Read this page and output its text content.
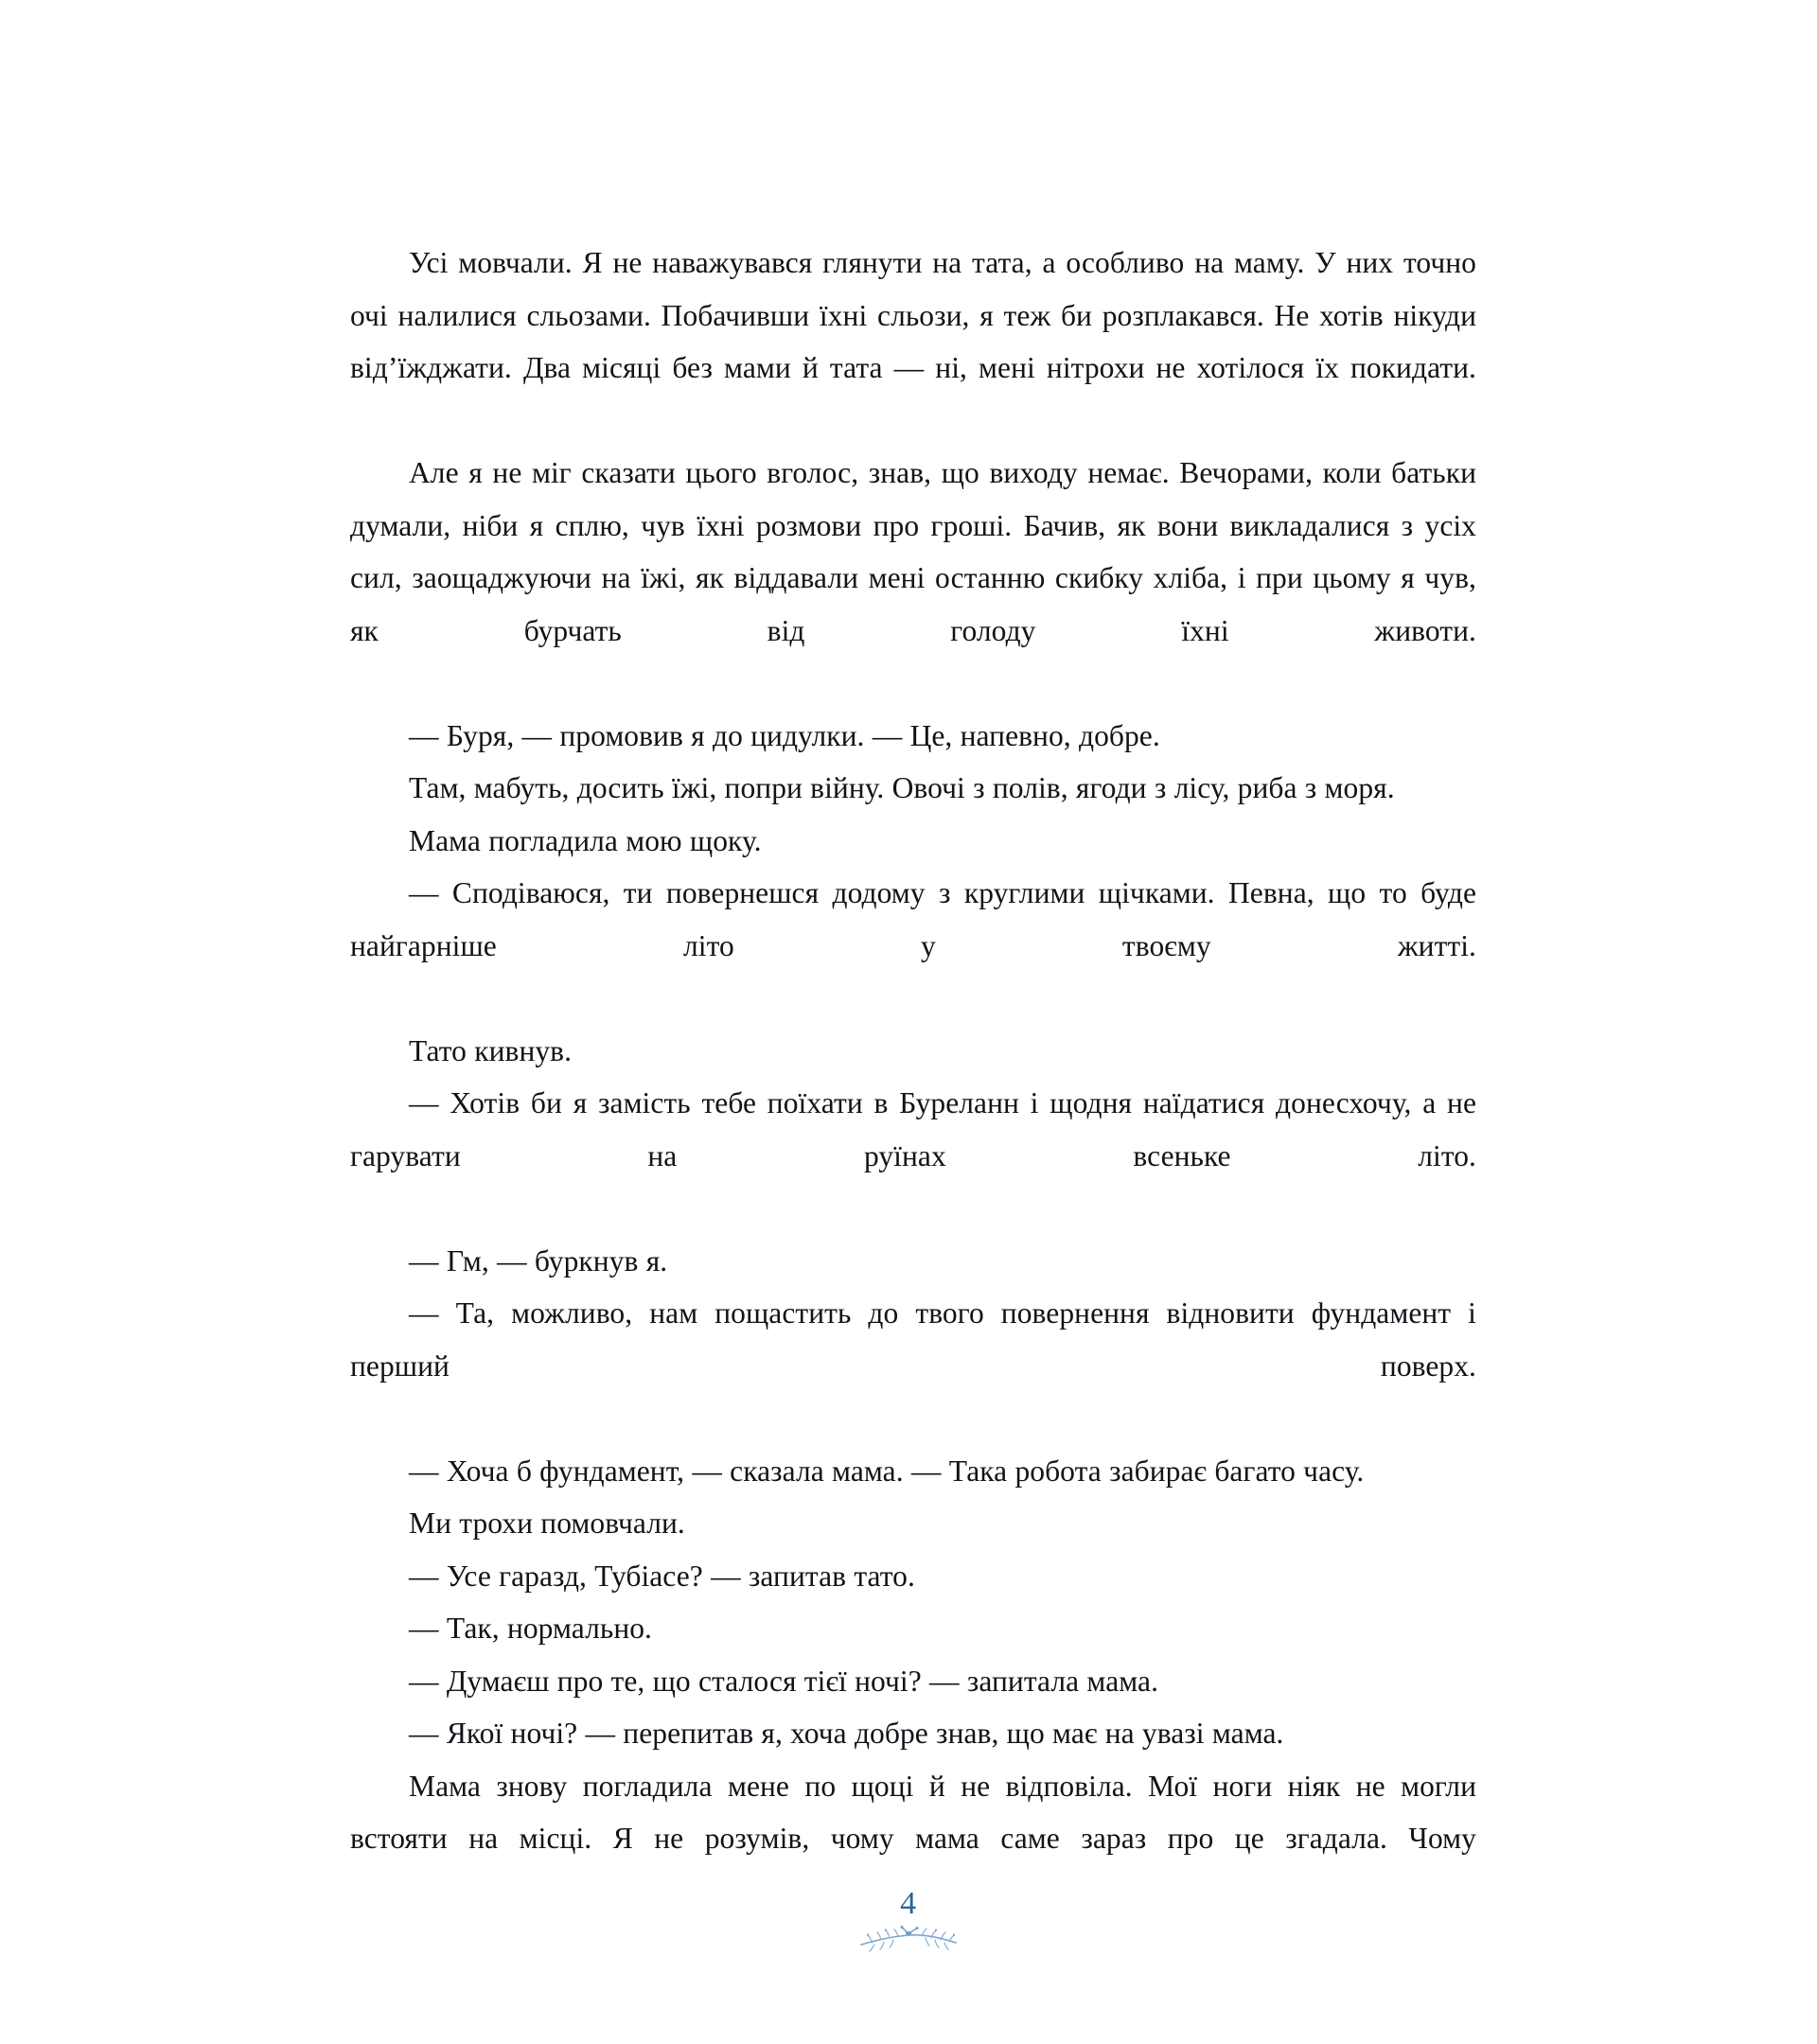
Усі мовчали. Я не наважувався глянути на тата, а особливо на маму. У них точно очі налилися сльозами. Побачивши їхні сльози, я теж би розплакався. Не хотів нікуди від’їжджати. Два місяці без мами й тата — ні, мені нітрохи не хотілося їх покидати.

Але я не міг сказати цього вголос, знав, що виходу немає. Вечорами, коли батьки думали, ніби я сплю, чув їхні розмови про гроші. Бачив, як вони викладалися з усіх сил, заощаджуючи на їжі, як віддавали мені останню скибку хліба, і при цьому я чув, як бурчать від голоду їхні животи.

— Буря, — промовив я до цидулки. — Це, напевно, добре.

Там, мабуть, досить їжі, попри війну. Овочі з полів, ягоди з лісу, риба з моря.

Мама погладила мою щоку.

— Сподіваюся, ти повернешся додому з круглими щічками. Певна, що то буде найгарніше літо у твоєму житті.

Тато кивнув.

— Хотів би я замість тебе поїхати в Буреланн і щодня наїдатися донесхочу, а не гарувати на руїнах всеньке літо.

— Гм, — буркнув я.

— Та, можливо, нам пощастить до твого повернення відновити фундамент і перший поверх.

— Хоча б фундамент, — сказала мама. — Така робота забирає багато часу.

Ми трохи помовчали.

— Усе гаразд, Тубіасе? — запитав тато.

— Так, нормально.

— Думаєш про те, що сталося тієї ночі? — запитала мама.

— Якої ночі? — перепитав я, хоча добре знав, що має на увазі мама.

Мама знову погладила мене по щоці й не відповіла. Мої ноги ніяк не могли встояти на місці. Я не розумів, чому мама саме зараз про це згадала. Чому

4
